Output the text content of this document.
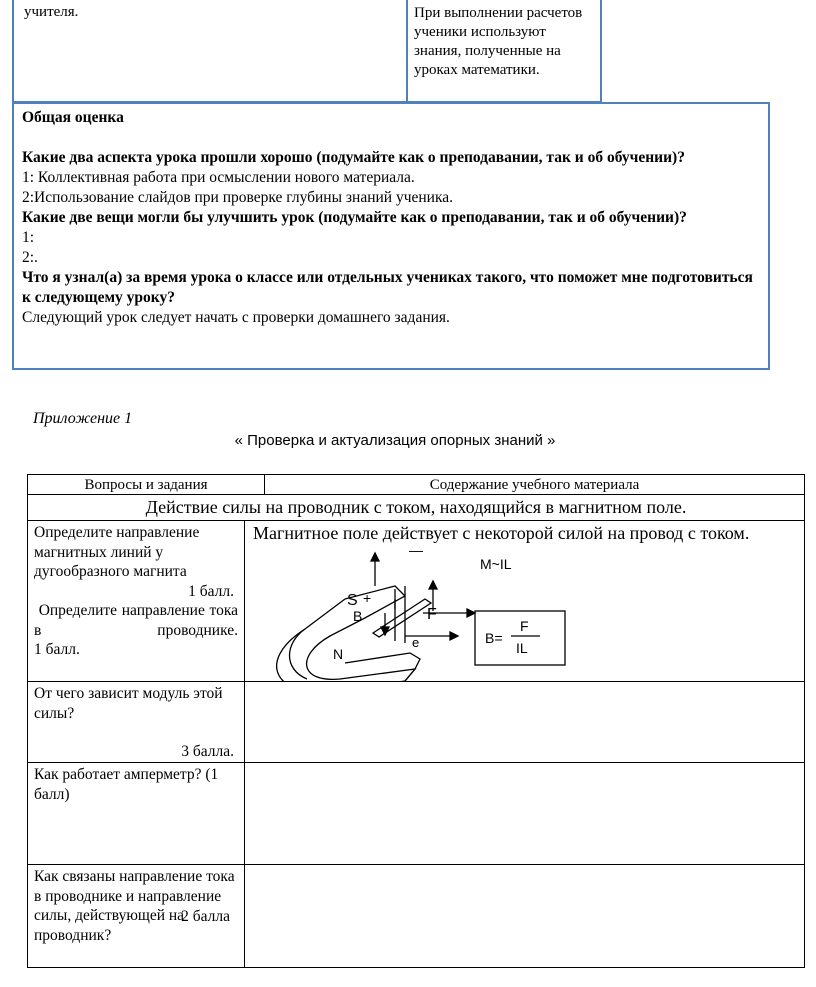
учителя.	При выполнении расчетов ученики используют знания, полученные на уроках математики.
Общая оценка
Какие два аспекта урока прошли хорошо (подумайте как о преподавании, так и об обучении)?
1: Коллективная работа при осмыслении нового материала.
2:Использование слайдов при проверке глубины знаний ученика.
Какие две вещи могли бы улучшить урок (подумайте как о преподавании, так и об обучении)?
1:
2:.
Что я узнал(а) за время урока о классе или отдельных учениках такого, что поможет мне подготовиться к следующему уроку?
Следующий урок следует начать с проверки домашнего задания.
Приложение 1
« Проверка и актуализация опорных знаний »
Вопросы и задания	Содержание учебного материала
Действие силы на проводник с током, находящийся в магнитном поле.
Определите направление магнитных линий у дугообразного магнита
1 балл.
Определите направление тока в проводнике.
1 балл.
Магнитное поле действует с некоторой силой на провод с током.
S +
—
B
I
F
N
e
M~IL
B=
F
IL
От чего зависит модуль этой силы?
3 балла.
Как работает амперметр? (1 балл)
Как связаны направление тока в проводнике и направление силы, действующей на проводник?
2 балла
